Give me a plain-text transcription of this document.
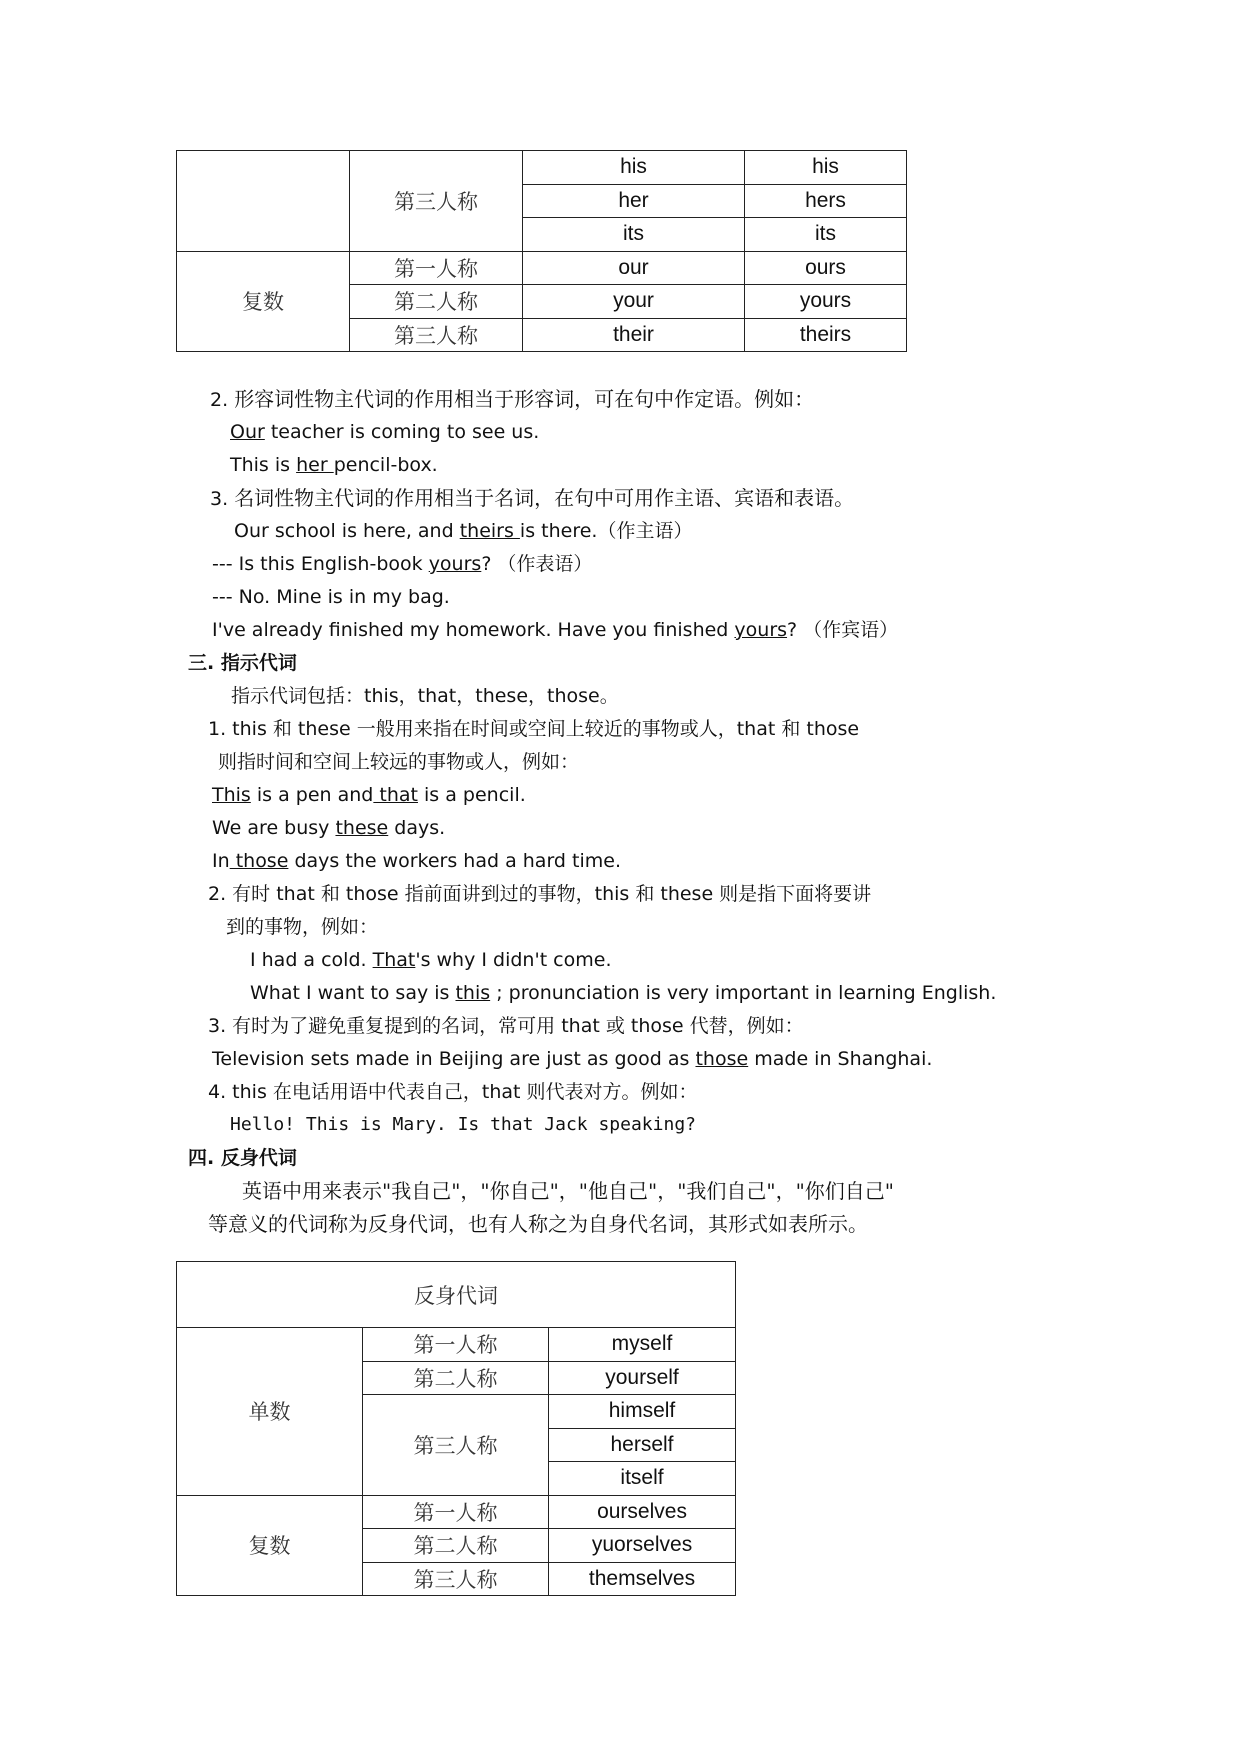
	第三人称	his	his
		her	hers
		its	its
复数	第一人称	our	ours
	第二人称	your	yours
	第三人称	their	theirs
2. 形容词性物主代词的作用相当于形容词，可在句中作定语。例如：
Our teacher is coming to see us.
This is her pencil-box.
3. 名词性物主代词的作用相当于名词，在句中可用作主语、宾语和表语。
Our school is here, and theirs is there.（作主语）
--- Is this English-book yours? （作表语）
--- No. Mine is in my bag.
I've already finished my homework. Have you finished yours? （作宾语）
三. 指示代词
指示代词包括：this，that，these，those。
1. this 和 these 一般用来指在时间或空间上较近的事物或人，that 和 those
则指时间和空间上较远的事物或人，例如：
This is a pen and that is a pencil.
We are busy these days.
In those days the workers had a hard time.
2. 有时 that 和 those 指前面讲到过的事物，this 和 these 则是指下面将要讲
到的事物，例如：
I had a cold. That's why I didn't come.
What I want to say is this ; pronunciation is very important in learning English.
3. 有时为了避免重复提到的名词，常可用 that 或 those 代替，例如：
Television sets made in Beijing are just as good as those made in Shanghai.
4. this 在电话用语中代表自己，that 则代表对方。例如：
Hello! This is Mary. Is that Jack speaking?
四. 反身代词
英语中用来表示"我自己"，"你自己"，"他自己"，"我们自己"，"你们自己"
等意义的代词称为反身代词，也有人称之为自身代名词，其形式如表所示。
反身代词		
单数	第一人称	myself
	第二人称	yourself
	第三人称	himself
		herself
		itself
复数	第一人称	ourselves
	第二人称	yuorselves
	第三人称	themselves
